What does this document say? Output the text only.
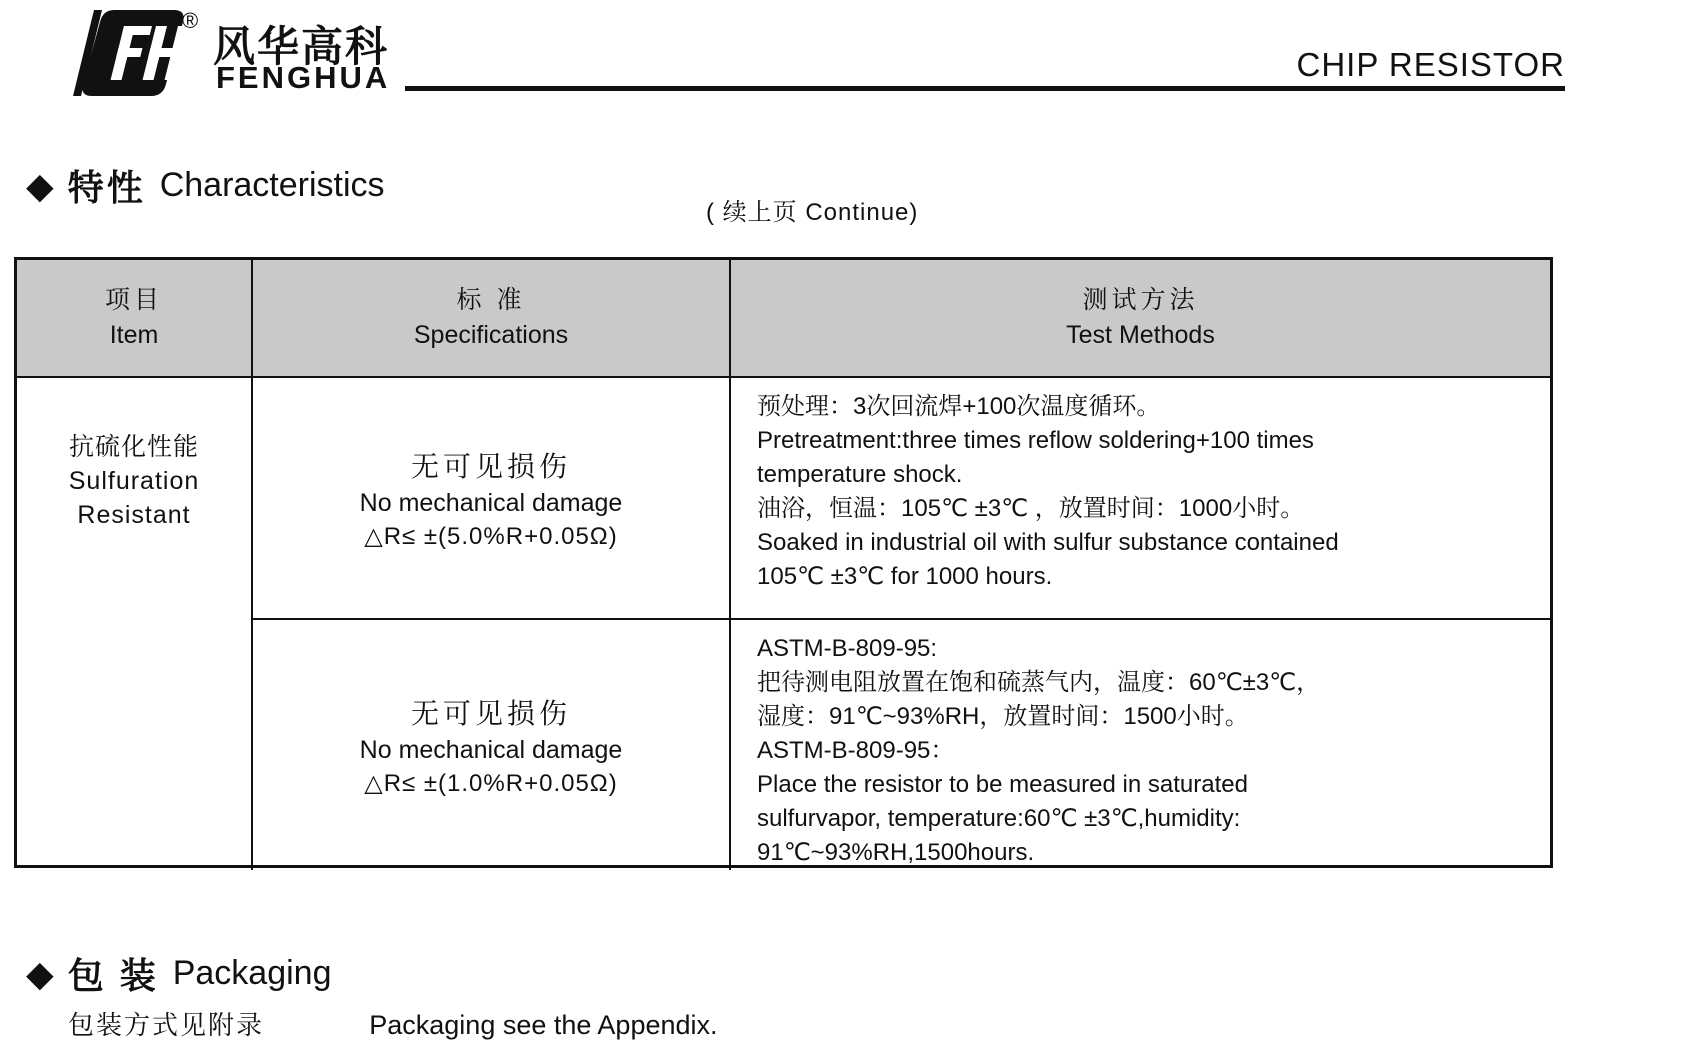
®
风华高科
FENGHUA	CHIP RESISTOR
◆ 特性 Characteristics
( 续上页 Continue)
项目
Item
标 准
Specifications
测试方法
Test Methods
抗硫化性能
Sulfuration
Resistant
无可见损伤
No mechanical damage
△R≤ ±(5.0%R+0.05Ω)
预处理：3次回流焊+100次温度循环。
Pretreatment:three times reflow soldering+100 times
temperature shock.
油浴，恒温：105℃ ±3℃ ，放置时间：1000小时。
Soaked in industrial oil with sulfur substance contained
105℃ ±3℃ for 1000 hours.
无可见损伤
No mechanical damage
△R≤ ±(1.0%R+0.05Ω)
ASTM-B-809-95:
把待测电阻放置在饱和硫蒸气内，温度：60℃±3℃，
湿度：91℃~93%RH，放置时间：1500小时。
ASTM-B-809-95：
Place the resistor to be measured in saturated
sulfurvapor, temperature:60℃ ±3℃,humidity:
91℃~93%RH,1500hours.
◆ 包 装 Packaging
包装方式见附录	Packaging see the Appendix.
